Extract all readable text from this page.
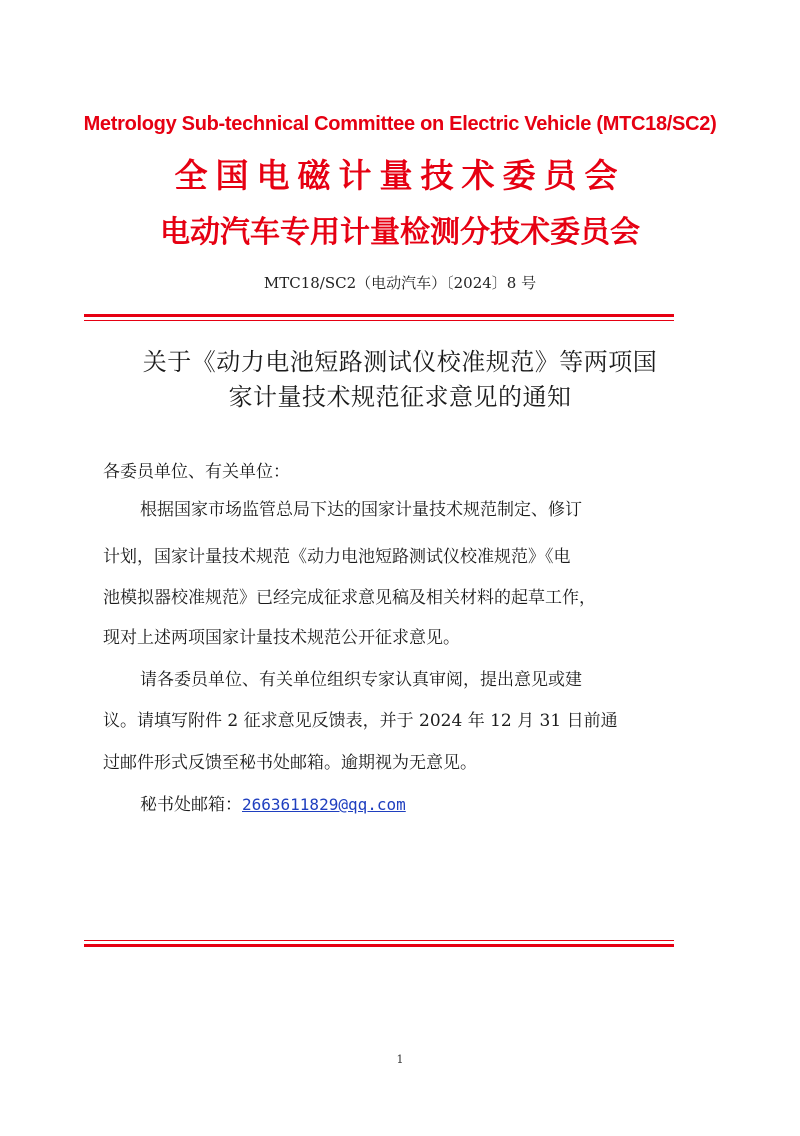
Metrology Sub-technical Committee on Electric Vehicle (MTC18/SC2)
全国电磁计量技术委员会
电动汽车专用计量检测分技术委员会
MTC18/SC2（电动汽车）〔2024〕8 号
关于《动力电池短路测试仪校准规范》等两项国
家计量技术规范征求意见的通知
各委员单位、有关单位：
根据国家市场监管总局下达的国家计量技术规范制定、修订
计划，国家计量技术规范《动力电池短路测试仪校准规范》《电
池模拟器校准规范》已经完成征求意见稿及相关材料的起草工作，
现对上述两项国家计量技术规范公开征求意见。
请各委员单位、有关单位组织专家认真审阅，提出意见或建
议。请填写附件 2 征求意见反馈表，并于 2024 年 12 月 31 日前通
过邮件形式反馈至秘书处邮箱。逾期视为无意见。
秘书处邮箱：2663611829@qq.com
1
